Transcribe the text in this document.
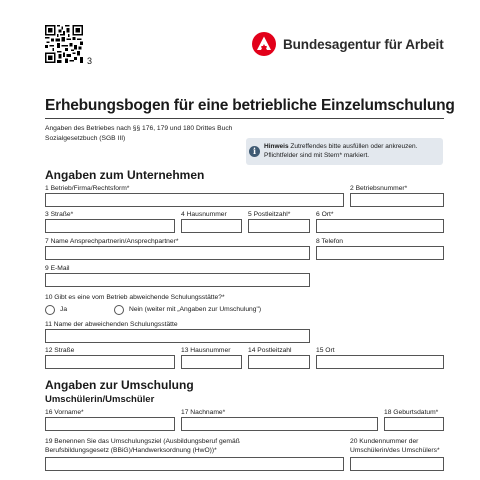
3
Bundesagentur für Arbeit
Erhebungsbogen für eine betriebliche Einzelumschulung
Angaben des Betriebes nach §§ 176, 179 und 180 Drittes Buch Sozialgesetzbuch (SGB III)
i	Hinweis Zutreffendes bitte ausfüllen oder ankreuzen. Pflichtfelder sind mit Stern* markiert.
Angaben zum Unternehmen
1 Betrieb/Firma/Rechtsform*	2 Betriebsnummer*
3 Straße*	4 Hausnummer	5 Postleitzahl*	6 Ort*
7 Name Ansprechpartnerin/Ansprechpartner*	8 Telefon
9 E-Mail
10 Gibt es eine vom Betrieb abweichende Schulungsstätte?*
Ja	Nein (weiter mit „Angaben zur Umschulung")
11 Name der abweichenden Schulungsstätte
12 Straße	13 Hausnummer	14 Postleitzahl	15 Ort
Angaben zur Umschulung
Umschülerin/Umschüler
16 Vorname*	17 Nachname*	18 Geburtsdatum*
19 Benennen Sie das Umschulungsziel (Ausbildungsberuf gemäß Berufsbildungsgesetz (BBiG)/Handwerksordnung (HwO))*
20 Kundennummer der Umschülerin/des Umschülers*
